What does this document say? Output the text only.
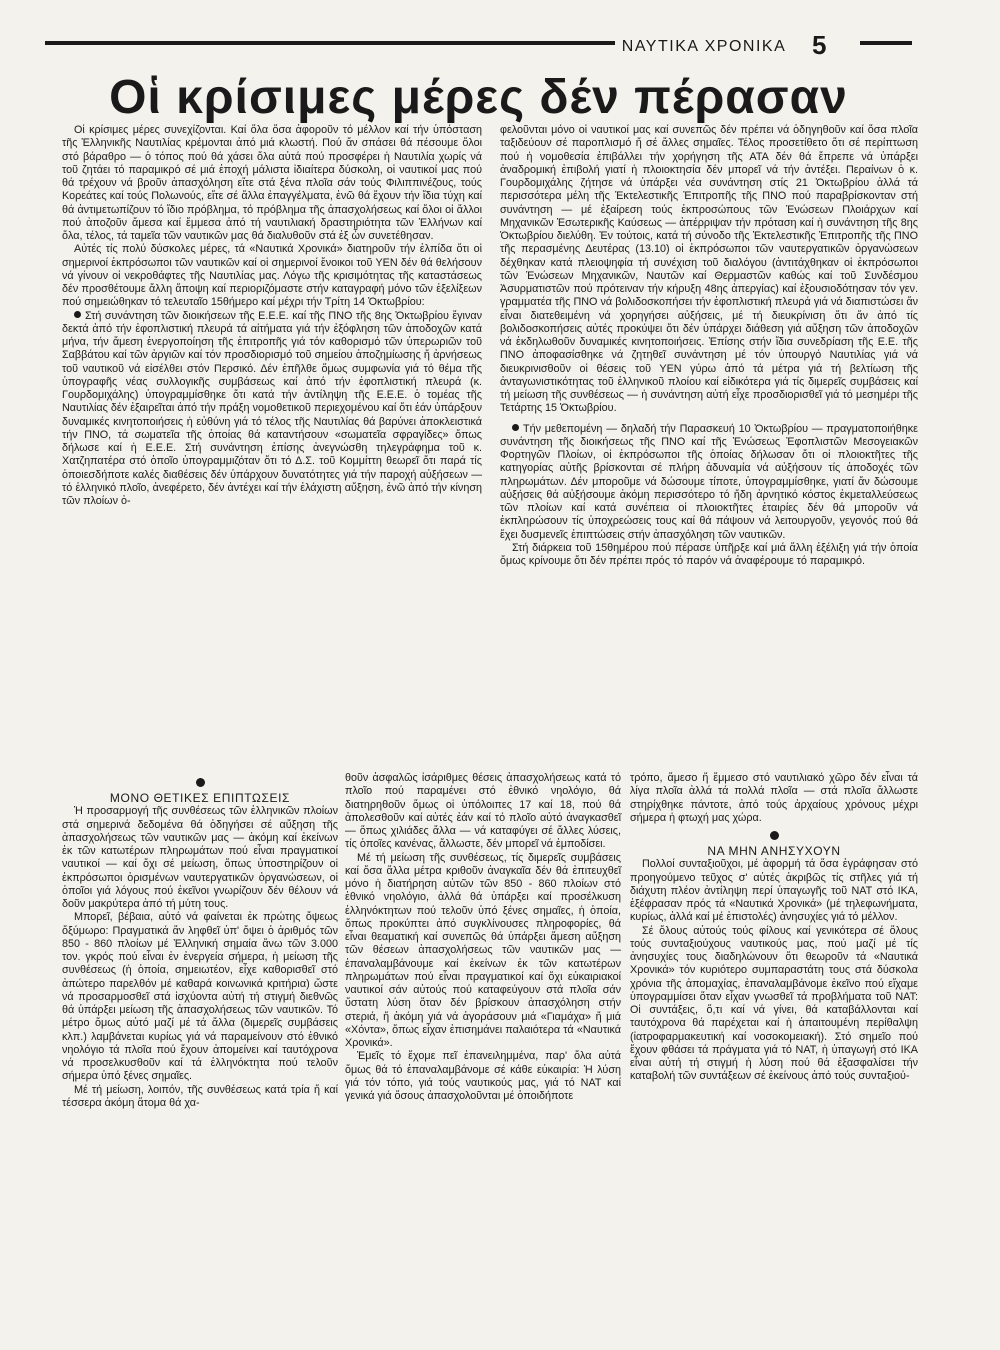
ΝΑΥΤΙΚΑ ΧΡΟΝΙΚΑ 5
Οἱ κρίσιμες μέρες δέν πέρασαν

Οἱ κρίσιμες μέρες συνεχίζονται. Καί ὅλα ὅσα ἀφοροῦν τό μέλλον καί τήν ὑπόσταση τῆς Ἑλληνικῆς Ναυτιλίας κρέμονται ἀπό μιά κλωστή. Πού ἄν σπάσει θά πέσουμε ὅλοι στό βάραθρο — ὁ τόπος πού θά χάσει ὅλα αὐτά πού προσφέρει ἡ Ναυτιλία χωρίς νά τοῦ ζητάει τό παραμικρό σέ μιά ἐποχή μάλιστα ἰδιαίτερα δύσκολη, οἱ ναυτικοί μας πού θά τρέχουν νά βροῦν ἀπασχόληση εἴτε στά ξένα πλοῖα σάν τούς Φιλιππινέζους, τούς Κορεάτες καί τούς Πολωνούς, εἴτε σέ ἄλλα ἐπαγγέλματα, ἐνῶ θά ἔχουν τήν ἴδια τύχη καί θά ἀντιμετωπίζουν τό ἴδιο πρόβλημα, τό πρόβλημα τῆς ἀπασχολήσεως καί ὅλοι οἱ ἄλλοι πού ἀποζοῦν ἄμεσα καί ἔμμεσα ἀπό τή ναυτιλιακή δραστηριότητα τῶν Ἑλλήνων καί ὅλα, τέλος, τά ταμεῖα τῶν ναυτικῶν μας θά διαλυθοῦν στά ἐξ ὧν συνετέθησαν.

Αὐτές τίς πολύ δύσκολες μέρες, τά «Ναυτικά Χρονικά» διατηροῦν τήν ἐλπίδα ὅτι οἱ σημερινοί ἐκπρόσωποι τῶν ναυτικῶν καί οἱ σημερινοί ἔνοικοι τοῦ ΥΕΝ δέν θά θελήσουν νά γίνουν οἱ νεκροθάφτες τῆς Ναυτιλίας μας. Λόγω τῆς κρισιμότητας τῆς καταστάσεως δέν προσθέτουμε ἄλλη ἄποψη καί περιοριζόμαστε στήν καταγραφή μόνο τῶν ἐξελίξεων πού σημειώθηκαν τό τελευταῖο 15θήμερο καί μέχρι τήν Τρίτη 14 Ὀκτωβρίου:

Στή συνάντηση τῶν διοικήσεων τῆς Ε.Ε.Ε. καί τῆς ΠΝΟ τῆς 8ης Ὀκτωβρίου ἔγιναν δεκτά ἀπό τήν ἐφοπλιστική πλευρά τά αἰτήματα γιά τήν ἐξόφληση τῶν ἀποδοχῶν κατά μήνα, τήν ἄμεση ἐνεργοποίηση τῆς ἐπιτροπῆς γιά τόν καθορισμό τῶν ὑπερωριῶν τοῦ Σαββάτου καί τῶν ἀργιῶν καί τόν προσδιορισμό τοῦ σημείου ἀποζημίωσης ἤ ἀρνήσεως τοῦ ναυτικοῦ νά εἰσέλθει στόν Περσικό. Δέν ἐπῆλθε ὅμως συμφωνία γιά τό θέμα τῆς ὑπογραφῆς νέας συλλογικῆς συμβάσεως καί ἀπό τήν ἐφοπλιστική πλευρά (κ. Γουρδομιχάλης) ὑπογραμμίσθηκε ὅτι κατά τήν ἀντίληψη τῆς Ε.Ε.Ε. ὁ τομέας τῆς Ναυτιλίας δέν ἐξαιρεῖται ἀπό τήν πράξη νομοθετικοῦ περιεχομένου καί ὅτι ἐάν ὑπάρξουν δυναμικές κινητοποιήσεις ἡ εὐθύνη γιά τό τέλος τῆς Ναυτιλίας θά βαρύνει ἀποκλειστικά τήν ΠΝΟ, τά σωματεῖα τῆς ὁποίας θά καταντήσουν «σωματεῖα σφραγίδες» ὅπως δήλωσε καί ἡ Ε.Ε.Ε. Στή συνάντηση ἐπίσης ἀνεγνώσθη τηλεγράφημα τοῦ κ. Χατζηπατέρα στό ὁποῖο ὑπογραμμιζόταν ὅτι τό Δ.Σ. τοῦ Κομμίττη θεωρεῖ ὅτι παρά τίς ὁποιεσδήποτε καλές διαθέσεις δέν ὑπάρχουν δυνατότητες γιά τήν παροχή αὐξήσεων — τό ἑλληνικό πλοῖο, ἀνεφέρετο, δέν ἀντέχει καί τήν ἐλάχιστη αὔξηση, ἐνῶ ἀπό τήν κίνηση τῶν πλοίων ὀ-

φελοῦνται μόνο οἱ ναυτικοί μας καί συνεπῶς δέν πρέπει νά ὁδηγηθοῦν καί ὅσα πλοῖα ταξιδεύουν σέ παροπλισμό ἤ σέ ἄλλες σημαῖες. Τέλος προσετίθετο ὅτι σέ περίπτωση πού ἡ νομοθεσία ἐπιβάλλει τήν χορήγηση τῆς ΑΤΑ δέν θά ἔπρεπε νά ὑπάρξει ἀναδρομική ἐπιβολή γιατί ἡ πλοιοκτησία δέν μπορεῖ νά τήν ἀντέξει. Περαίνων ὁ κ. Γουρδομιχάλης ζήτησε νά ὑπάρξει νέα συνάντηση στίς 21 Ὀκτωβρίου ἀλλά τά περισσότερα μέλη τῆς Ἐκτελεστικῆς Ἐπιτροπῆς τῆς ΠΝΟ πού παραβρίσκονταν στή συνάντηση — μέ ἐξαίρεση τούς ἐκπροσώπους τῶν Ἑνώσεων Πλοιάρχων καί Μηχανικῶν Ἐσωτερικῆς Καύσεως — ἀπέρριψαν τήν πρόταση καί ἡ συνάντηση τῆς 8ης Ὀκτωβρίου διελύθη. Ἐν τούτοις, κατά τή σύνοδο τῆς Ἐκτελεστικῆς Ἐπιτροπῆς τῆς ΠΝΟ τῆς περασμένης Δευτέρας (13.10) οἱ ἐκπρόσωποι τῶν ναυτεργατικῶν ὀργανώσεων δέχθηκαν κατά πλειοψηφία τή συνέχιση τοῦ διαλόγου (ἀντιτάχθηκαν οἱ ἐκπρόσωποι τῶν Ἑνώσεων Μηχανικῶν, Ναυτῶν καί Θερμαστῶν καθώς καί τοῦ Συνδέσμου Ἀσυρματιστῶν πού πρότειναν τήν κήρυξη 48ης ἀπεργίας) καί ἐξουσιοδότησαν τόν γεν. γραμματέα τῆς ΠΝΟ νά βολιδοσκοπήσει τήν ἐφοπλιστική πλευρά γιά νά διαπιστώσει ἄν εἶναι διατεθειμένη νά χορηγήσει αὐξήσεις, μέ τή διευκρίνιση ὅτι ἄν ἀπό τίς βολιδοσκοπήσεις αὐτές προκύψει ὅτι δέν ὑπάρχει διάθεση γιά αὔξηση τῶν ἀποδοχῶν νά ἐκδηλωθοῦν δυναμικές κινητοποιήσεις. Ἐπίσης στήν ἴδια συνεδρίαση τῆς Ε.Ε. τῆς ΠΝΟ ἀποφασίσθηκε νά ζητηθεῖ συνάντηση μέ τόν ὑπουργό Ναυτιλίας γιά νά διευκρινισθοῦν οἱ θέσεις τοῦ ΥΕΝ γύρω ἀπό τά μέτρα γιά τή βελτίωση τῆς ἀνταγωνιστικότητας τοῦ ἑλληνικοῦ πλοίου καί εἰδικότερα γιά τίς διμερεῖς συμβάσεις καί τή μείωση τῆς συνθέσεως — ἡ συνάντηση αὐτή εἶχε προσδιορισθεῖ γιά τό μεσημέρι τῆς Τετάρτης 15 Ὀκτωβρίου.

Τήν μεθεπομένη — δηλαδή τήν Παρασκευή 10 Ὀκτωβρίου — πραγματοποιήθηκε συνάντηση τῆς διοικήσεως τῆς ΠΝΟ καί τῆς Ἑνώσεως Ἐφοπλιστῶν Μεσογειακῶν Φορτηγῶν Πλοίων, οἱ ἐκπρόσωποι τῆς ὁποίας δήλωσαν ὅτι οἱ πλοιοκτῆτες τῆς κατηγορίας αὐτῆς βρίσκονται σέ πλήρη ἀδυναμία νά αὐξήσουν τίς ἀποδοχές τῶν πληρωμάτων. Δέν μποροῦμε νά δώσουμε τίποτε, ὑπογραμμίσθηκε, γιατί ἄν δώσουμε αὐξήσεις θά αὐξήσουμε ἀκόμη περισσότερο τό ἤδη ἀρνητικό κόστος ἐκμεταλλεύσεως τῶν πλοίων καί κατά συνέπεια οἱ πλοιοκτῆτες ἑταιρίες δέν θά μποροῦν νά ἐκπληρώσουν τίς ὑποχρεώσεις τους καί θά πάψουν νά λειτουργοῦν, γεγονός πού θά ἔχει δυσμενεῖς ἐπιπτώσεις στήν ἀπασχόληση τῶν ναυτικῶν.

Στή διάρκεια τοῦ 15θημέρου πού πέρασε ὑπῆρξε καί μιά ἄλλη ἐξέλιξη γιά τήν ὁποία ὅμως κρίνουμε ὅτι δέν πρέπει πρός τό παρόν νά ἀναφέρουμε τό παραμικρό.

ΜΟΝΟ ΘΕΤΙΚΕΣ ΕΠΙΠΤΩΣΕΙΣ

Ἡ προσαρμογή τῆς συνθέσεως τῶν ἑλληνικῶν πλοίων στά σημερινά δεδομένα θά ὁδηγήσει σέ αὔξηση τῆς ἀπασχολήσεως τῶν ναυτικῶν μας — ἀκόμη καί ἐκείνων ἐκ τῶν κατωτέρων πληρωμάτων πού εἶναι πραγματικοί ναυτικοί — καί ὄχι σέ μείωση, ὅπως ὑποστηρίζουν οἱ ἐκπρόσωποι ὁρισμένων ναυτεργατικῶν ὀργανώσεων, οἱ ὁποῖοι γιά λόγους πού ἐκεῖνοι γνωρίζουν δέν θέλουν νά δοῦν μακρύτερα ἀπό τή μύτη τους.

Μπορεῖ, βέβαια, αὐτό νά φαίνεται ἐκ πρώτης ὄψεως ὄξύμωρο: Πραγματικά ἄν ληφθεῖ ὑπ' ὄψει ὁ ἀριθμός τῶν 850 - 860 πλοίων μέ Ἑλληνική σημαία ἄνω τῶν 3.000 τον. γκρός πού εἶναι ἐν ἐνεργεία σήμερα, ἡ μείωση τῆς συνθέσεως (ἡ ὁποία, σημειωτέον, εἶχε καθορισθεῖ στό ἀπώτερο παρελθόν μέ καθαρά κοινωνικά κριτήρια) ὥστε νά προσαρμοσθεῖ στά ἰσχύοντα αὐτή τή στιγμή διεθνῶς θά ὑπάρξει μείωση τῆς ἀπασχολήσεως τῶν ναυτικῶν. Τό μέτρο ὅμως αὐτό μαζί μέ τά ἄλλα (διμερεῖς συμβάσεις κλπ.) λαμβάνεται κυρίως γιά νά παραμείνουν στό ἐθνικό νηολόγιο τά πλοῖα πού ἔχουν ἀπομείνει καί ταυτόχρονα νά προσελκυσθοῦν καί τά ἑλληνόκτητα πού τελοῦν σήμερα ὑπό ξένες σημαῖες.

Μέ τή μείωση, λοιπόν, τῆς συνθέσεως κατά τρία ἤ καί τέσσερα ἀκόμη ἄτομα θά χα-

θοῦν ἀσφαλῶς ἰσάριθμες θέσεις ἀπασχολήσεως κατά τό πλοῖο πού παραμένει στό ἐθνικό νηολόγιο, θά διατηρηθοῦν ὅμως οἱ ὑπόλοιπες 17 καί 18, πού θά ἀπολεσθοῦν καί αὐτές ἐάν καί τό πλοῖο αὐτό ἀναγκασθεῖ — ὅπως χιλιάδες ἄλλα — νά καταφύγει σέ ἄλλες λύσεις, τίς ὁποῖες κανένας, ἄλλωστε, δέν μπορεῖ νά ἐμποδίσει.

Μέ τή μείωση τῆς συνθέσεως, τίς διμερεῖς συμβάσεις καί ὅσα ἄλλα μέτρα κριθοῦν ἀναγκαῖα δέν θά ἐπιτευχθεῖ μόνο ἡ διατήρηση αὐτῶν τῶν 850 - 860 πλοίων στό ἐθνικό νηολόγιο, ἀλλά θά ὑπάρξει καί προσέλκυση ἑλληνόκτητων πού τελοῦν ὑπό ξένες σημαῖες, ἡ ὁποία, ὅπως προκύπτει ἀπό συγκλίνουσες πληροφορίες, θά εἶναι θεαματική καί συνεπῶς θά ὑπάρξει ἄμεση αὔξηση τῶν θέσεων ἀπασχολήσεως τῶν ναυτικῶν μας — ἐπαναλαμβάνουμε καί ἐκείνων ἐκ τῶν κατωτέρων πληρωμάτων πού εἶναι πραγματικοί καί ὄχι εὐκαιριακοί ναυτικοί σάν αὐτούς πού καταφεύγουν στά πλοῖα σάν ὕστατη λύση ὅταν δέν βρίσκουν ἀπασχόληση στήν στεριά, ἤ ἀκόμη γιά νά ἀγοράσουν μιά «Γιαμάχα» ἤ μιά «Χόντα», ὅπως εἶχαν ἐπισημάνει παλαιότερα τά «Ναυτικά Χρονικά».

Ἐμεῖς τό ἔχομε πεῖ ἐπανειλημμένα, παρ' ὅλα αὐτά ὅμως θά τό ἐπαναλαμβάνομε σέ κάθε εὐκαιρία: Ἡ λύση γιά τόν τόπο, γιά τούς ναυτικούς μας, γιά τό ΝΑΤ καί γενικά γιά ὅσους ἀπασχολοῦνται μέ ὁποιδήποτε

τρόπο, ἄμεσο ἤ ἔμμεσο στό ναυτιλιακό χῶρο δέν εἶναι τά λίγα πλοῖα ἀλλά τά πολλά πλοῖα — στά πλοῖα ἄλλωστε στηρίχθηκε πάντοτε, ἀπό τούς ἀρχαίους χρόνους μέχρι σήμερα ἡ φτωχή μας χώρα.

ΝΑ ΜΗΝ ΑΝΗΣΥΧΟΥΝ

Πολλοί συνταξιοῦχοι, μέ ἀφορμή τά ὅσα ἐγράφησαν στό προηγούμενο τεῦχος σ' αὐτές ἀκριβῶς τίς στῆλες γιά τή διάχυτη πλέον ἀντίληψη περί ὑπαγωγῆς τοῦ ΝΑΤ στό ΙΚΑ, ἐξέφρασαν πρός τά «Ναυτικά Χρονικά» (μέ τηλεφωνήματα, κυρίως, ἀλλά καί μέ ἐπιστολές) ἀνησυχίες γιά τό μέλλον.

Σέ ὅλους αὐτούς τούς φίλους καί γενικότερα σέ ὅλους τούς συνταξιούχους ναυτικούς μας, πού μαζί μέ τίς ἀνησυχίες τους διαδηλώνουν ὅτι θεωροῦν τά «Ναυτικά Χρονικά» τόν κυριότερο συμπαραστάτη τους στά δύσκολα χρόνια τῆς ἀπομαχίας, ἐπαναλαμβάνομε ἐκεῖνο πού εἴχαμε ὑπογραμμίσει ὅταν εἶχαν γνωσθεῖ τά προβλήματα τοῦ ΝΑΤ: Οἱ συντάξεις, ὅ,τι καί νά γίνει, θά καταβάλλονται καί ταυτόχρονα θά παρέχεται καί ἡ ἀπαιτουμένη περίθαλψη (ἰατροφαρμακευτική καί νοσοκομειακή). Στό σημεῖο πού ἔχουν φθάσει τά πράγματα γιά τό ΝΑΤ, ἡ ὑπαγωγή στό ΙΚΑ εἶναι αὐτή τή στιγμή ἡ λύση πού θά ἐξασφαλίσει τήν καταβολή τῶν συντάξεων σέ ἐκείνους ἀπό τούς συνταξιού-
